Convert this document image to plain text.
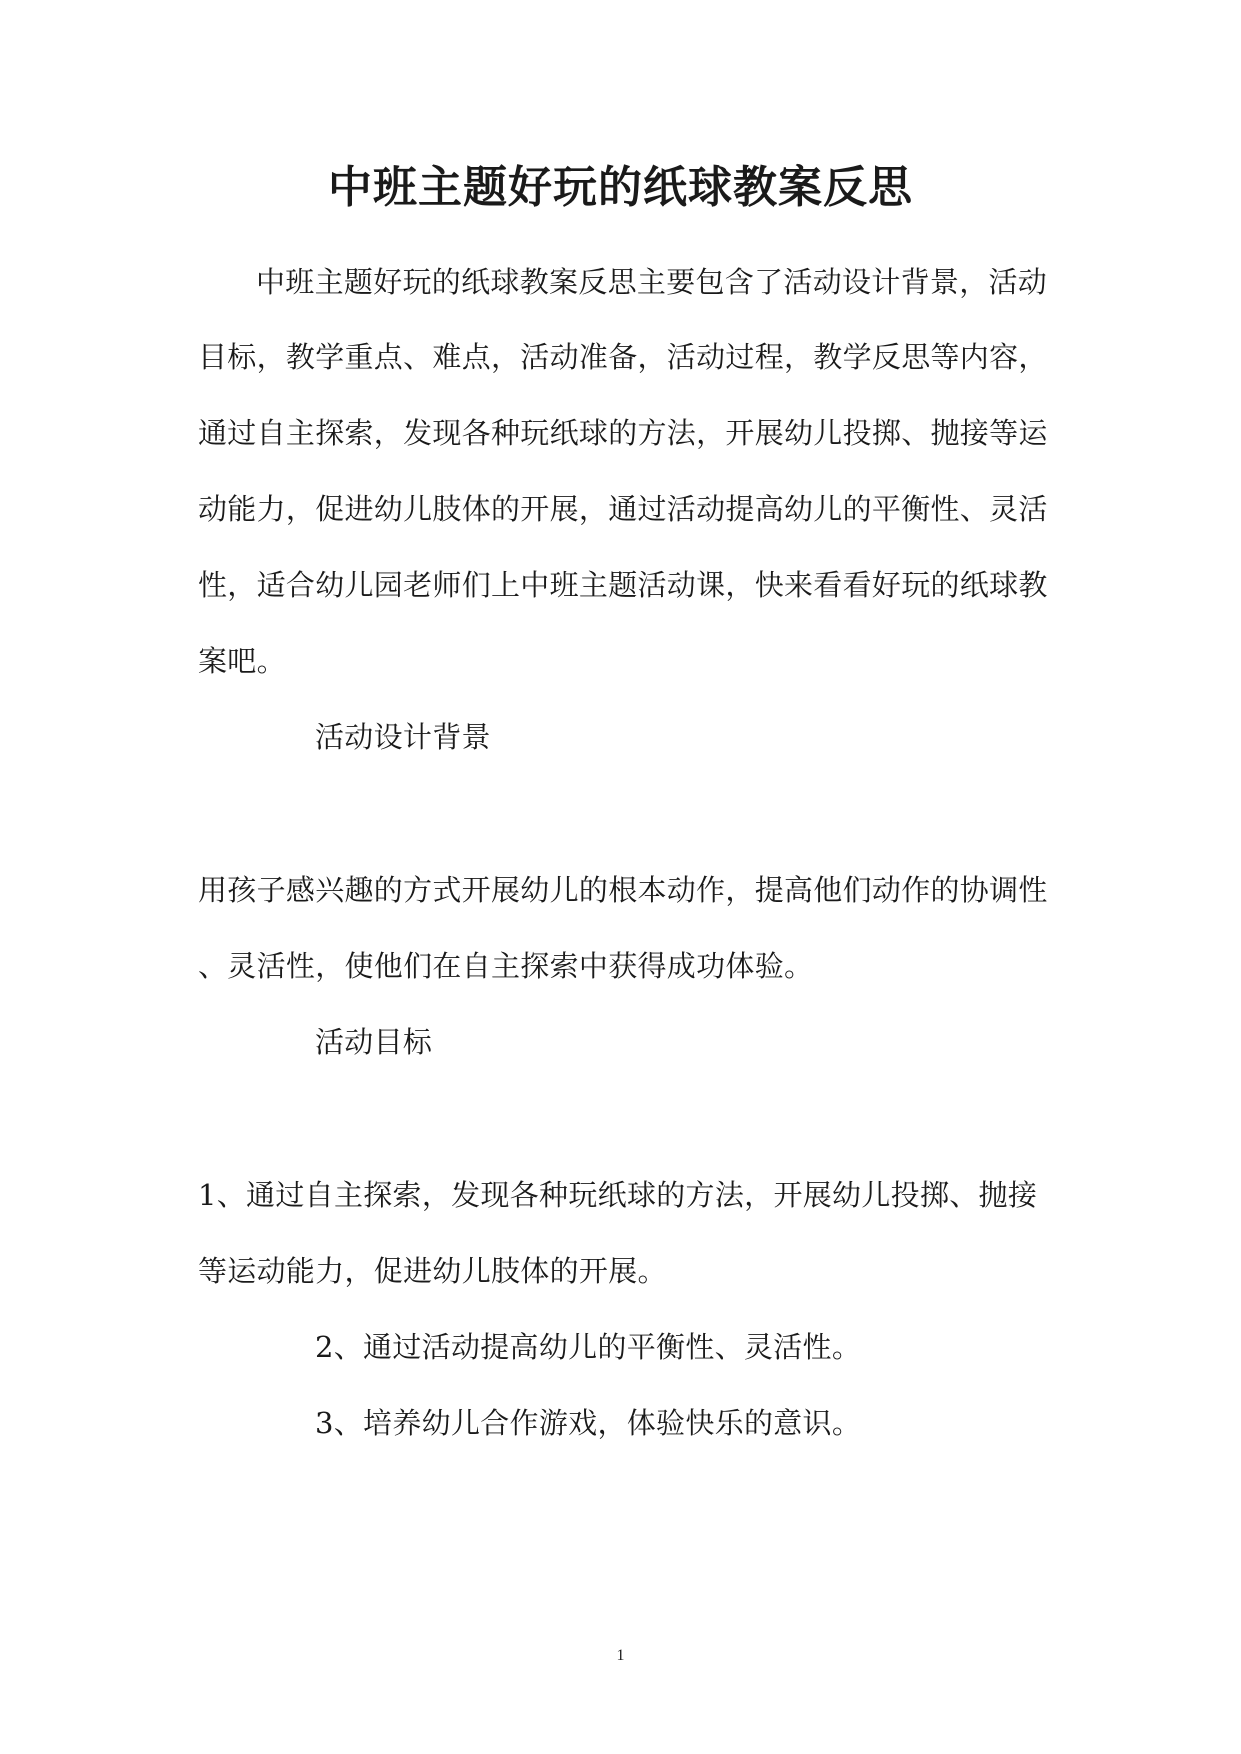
中班主题好玩的纸球教案反思
中班主题好玩的纸球教案反思主要包含了活动设计背景，活动
目标，教学重点、难点，活动准备，活动过程，教学反思等内容，
通过自主探索，发现各种玩纸球的方法，开展幼儿投掷、抛接等运
动能力，促进幼儿肢体的开展，通过活动提高幼儿的平衡性、灵活
性，适合幼儿园老师们上中班主题活动课，快来看看好玩的纸球教
案吧。
活动设计背景
用孩子感兴趣的方式开展幼儿的根本动作，提高他们动作的协调性
、灵活性，使他们在自主探索中获得成功体验。
活动目标
1、通过自主探索，发现各种玩纸球的方法，开展幼儿投掷、抛接
等运动能力，促进幼儿肢体的开展。
2、通过活动提高幼儿的平衡性、灵活性。
3、培养幼儿合作游戏，体验快乐的意识。
1
